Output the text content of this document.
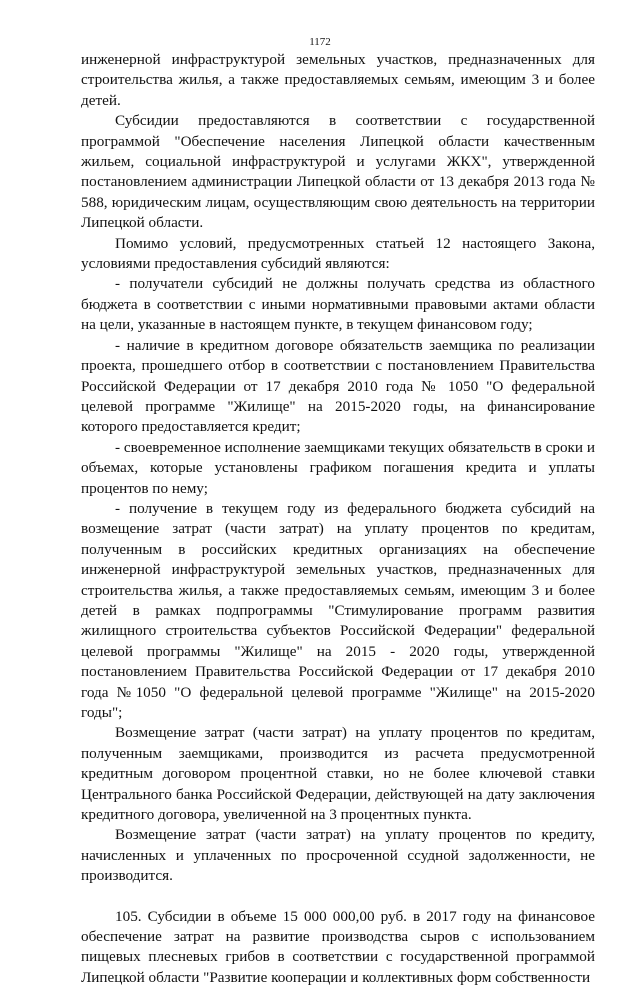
1172

инженерной инфраструктурой земельных участков, предназначенных для строительства жилья, а также предоставляемых семьям, имеющим 3 и более детей.

Субсидии предоставляются в соответствии с государственной программой "Обеспечение населения Липецкой области качественным жильем, социальной инфраструктурой и услугами ЖКХ", утвержденной постановлением администрации Липецкой области от 13 декабря 2013 года № 588, юридическим лицам, осуществляющим свою деятельность на территории Липецкой области.

Помимо условий, предусмотренных статьей 12 настоящего Закона, условиями предоставления субсидий являются:

- получатели субсидий не должны получать средства из областного бюджета в соответствии с иными нормативными правовыми актами области на цели, указанные в настоящем пункте, в текущем финансовом году;

- наличие в кредитном договоре обязательств заемщика по реализации проекта, прошедшего отбор в соответствии с постановлением Правительства Российской Федерации от 17 декабря 2010 года № 1050 "О федеральной целевой программе "Жилище" на 2015-2020 годы, на финансирование которого предоставляется кредит;

- своевременное исполнение заемщиками текущих обязательств в сроки и объемах, которые установлены графиком погашения кредита и уплаты процентов по нему;

- получение в текущем году из федерального бюджета субсидий на возмещение затрат (части затрат) на уплату процентов по кредитам, полученным в российских кредитных организациях на обеспечение инженерной инфраструктурой земельных участков, предназначенных для строительства жилья, а также предоставляемых семьям, имеющим 3 и более детей в рамках подпрограммы "Стимулирование программ развития жилищного строительства субъектов Российской Федерации" федеральной целевой программы "Жилище" на 2015 - 2020 годы, утвержденной постановлением Правительства Российской Федерации от 17 декабря 2010 года №1050 "О федеральной целевой программе "Жилище" на 2015-2020 годы";

Возмещение затрат (части затрат) на уплату процентов по кредитам, полученным заемщиками, производится из расчета предусмотренной кредитным договором процентной ставки, но не более ключевой ставки Центрального банка Российской Федерации, действующей на дату заключения кредитного договора, увеличенной на 3 процентных пункта.

Возмещение затрат (части затрат) на уплату процентов по кредиту, начисленных и уплаченных по просроченной ссудной задолженности, не производится.

105. Субсидии в объеме 15 000 000,00 руб. в 2017 году на финансовое обеспечение затрат на развитие производства сыров с использованием пищевых плесневых грибов в соответствии с государственной программой Липецкой области "Развитие кооперации и коллективных форм собственности
